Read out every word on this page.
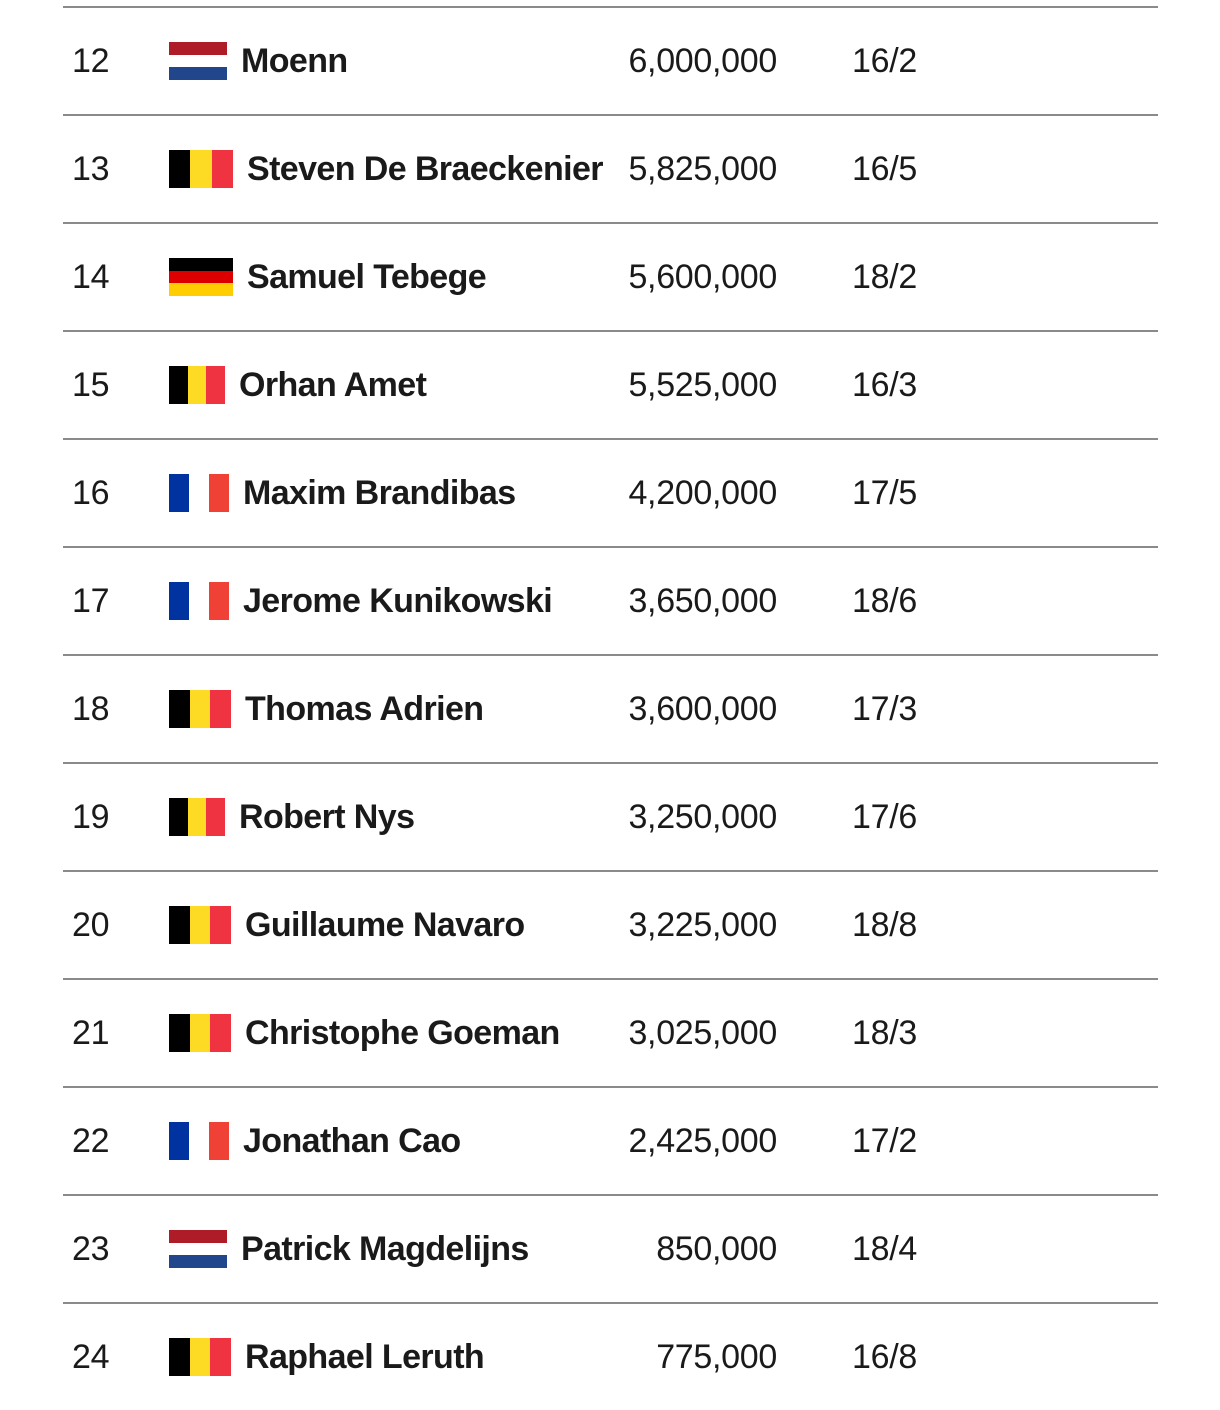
12	Moenn	6,000,000 16/2
13	Steven De Braeckenier 5,825,000 16/5
14	Samuel Tebege	5,600,000 18/2
15	Orhan Amet	5,525,000 16/3
16	Maxim Brandibas	4,200,000 17/5
17	Jerome Kunikowski	3,650,000 18/6
18	Thomas Adrien	3,600,000 17/3
19	Robert Nys	3,250,000 17/6
20	Guillaume Navaro	3,225,000 18/8
21	Christophe Goeman	3,025,000 18/3
22	Jonathan Cao	2,425,000 17/2
23	Patrick Magdelijns	850,000 18/4
24	Raphael Leruth	775,000 16/8
